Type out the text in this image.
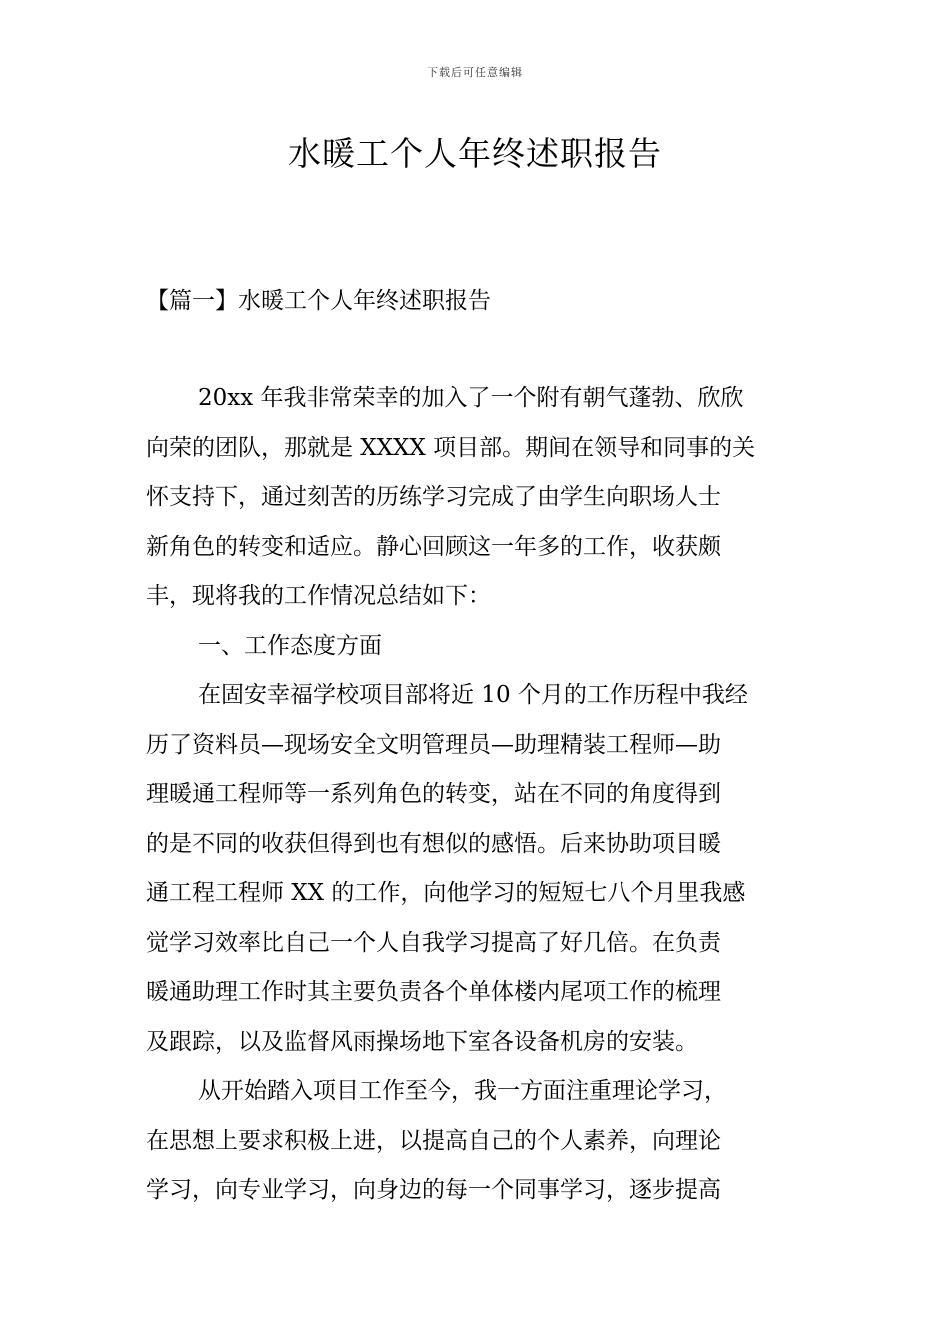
下载后可任意编辑
水暖工个人年终述职报告
【篇一】水暖工个人年终述职报告
20xx 年我非常荣幸的加入了一个附有朝气蓬勃、欣欣
向荣的团队，那就是 XXXX 项目部。期间在领导和同事的关
怀支持下，通过刻苦的历练学习完成了由学生向职场人士
新角色的转变和适应。静心回顾这一年多的工作，收获颇
丰，现将我的工作情况总结如下：
一、工作态度方面
在固安幸福学校项目部将近 10 个月的工作历程中我经
历了资料员—现场安全文明管理员—助理精装工程师—助
理暖通工程师等一系列角色的转变，站在不同的角度得到
的是不同的收获但得到也有想似的感悟。后来协助项目暖
通工程工程师 XX 的工作，向他学习的短短七八个月里我感
觉学习效率比自己一个人自我学习提高了好几倍。在负责
暖通助理工作时其主要负责各个单体楼内尾项工作的梳理
及跟踪，以及监督风雨操场地下室各设备机房的安装。
从开始踏入项目工作至今，我一方面注重理论学习，
在思想上要求积极上进，以提高自己的个人素养，向理论
学习，向专业学习，向身边的每一个同事学习，逐步提高
